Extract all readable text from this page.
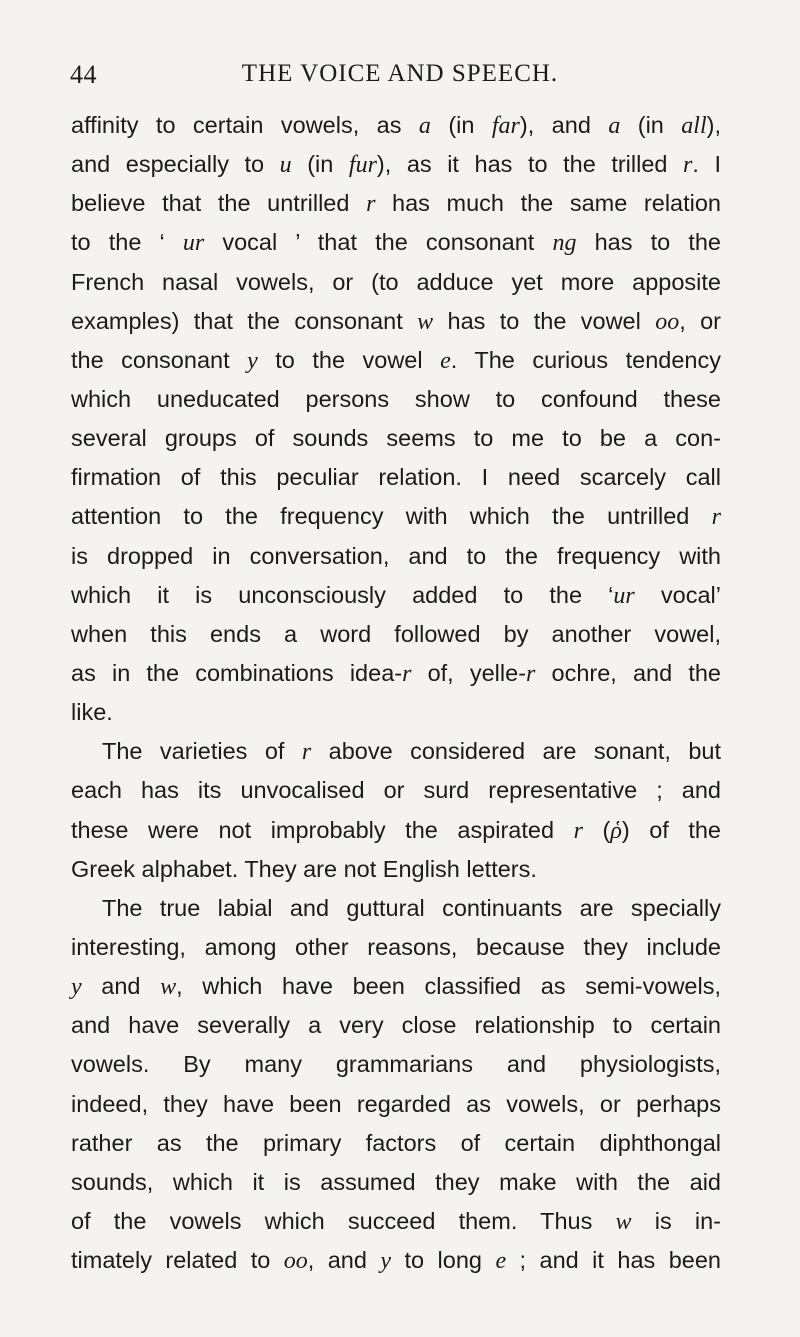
44	THE VOICE AND SPEECH.
affinity to certain vowels, as a (in far), and a (in all),
and especially to u (in fur), as it has to the trilled r. I
believe that the untrilled r has much the same relation
to the ‘ ur vocal ’ that the consonant ng has to the
French nasal vowels, or (to adduce yet more apposite
examples) that the consonant w has to the vowel oo, or
the consonant y to the vowel e. The curious tendency
which uneducated persons show to confound these
several groups of sounds seems to me to be a con-
firmation of this peculiar relation. I need scarcely call
attention to the frequency with which the untrilled r
is dropped in conversation, and to the frequency with
which it is unconsciously added to the ‘ur vocal’
when this ends a word followed by another vowel,
as in the combinations idea-r of, yelle-r ochre, and the
like.
The varieties of r above considered are sonant, but
each has its unvocalised or surd representative ; and
these were not improbably the aspirated r (ῥ) of the
Greek alphabet. They are not English letters.
The true labial and guttural continuants are specially
interesting, among other reasons, because they include
y and w, which have been classified as semi-vowels,
and have severally a very close relationship to certain
vowels. By many grammarians and physiologists,
indeed, they have been regarded as vowels, or perhaps
rather as the primary factors of certain diphthongal
sounds, which it is assumed they make with the aid
of the vowels which succeed them. Thus w is in-
timately related to oo, and y to long e ; and it has been
